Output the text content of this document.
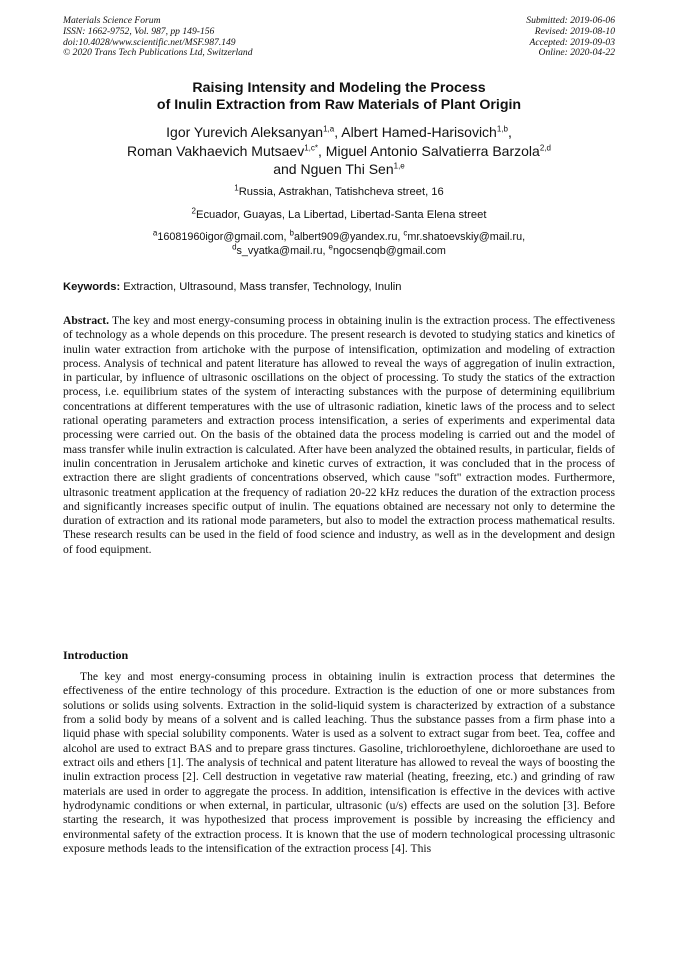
Materials Science Forum
ISSN: 1662-9752, Vol. 987, pp 149-156
doi:10.4028/www.scientific.net/MSF.987.149
© 2020 Trans Tech Publications Ltd, Switzerland
Submitted: 2019-06-06
Revised: 2019-08-10
Accepted: 2019-09-03
Online: 2020-04-22
Raising Intensity and Modeling the Process
of Inulin Extraction from Raw Materials of Plant Origin
Igor Yurevich Aleksanyan$^{1,a}$, Albert Hamed-Harisovich$^{1,b}$,
Roman Vakhaevich Mutsaev$^{1,c*}$, Miguel Antonio Salvatierra Barzola$^{2,d}$
and Nguen Thi Sen$^{1,e}$
$^1$Russia, Astrakhan, Tatishcheva street, 16
$^2$Ecuador, Guayas, La Libertad, Libertad-Santa Elena street
$^a$16081960igor@gmail.com, $^b$albert909@yandex.ru, $^c$mr.shatoevskiy@mail.ru,
$^d$s_vyatka@mail.ru, $^e$ngocsenqb@gmail.com
Keywords: Extraction, Ultrasound, Mass transfer, Technology, Inulin
Abstract. The key and most energy-consuming process in obtaining inulin is the extraction process. The effectiveness of technology as a whole depends on this procedure. The present research is devoted to studying statics and kinetics of inulin water extraction from artichoke with the purpose of intensification, optimization and modeling of extraction process. Analysis of technical and patent literature has allowed to reveal the ways of aggregation of inulin extraction, in particular, by influence of ultrasonic oscillations on the object of processing. To study the statics of the extraction process, i.e. equilibrium states of the system of interacting substances with the purpose of determining equilibrium concentrations at different temperatures with the use of ultrasonic radiation, kinetic laws of the process and to select rational operating parameters and extraction process intensification, a series of experiments and experimental data processing were carried out. On the basis of the obtained data the process modeling is carried out and the model of mass transfer while inulin extraction is calculated. After have been analyzed the obtained results, in particular, fields of inulin concentration in Jerusalem artichoke and kinetic curves of extraction, it was concluded that in the process of extraction there are slight gradients of concentrations observed, which cause "soft" extraction modes. Furthermore, ultrasonic treatment application at the frequency of radiation 20-22 kHz reduces the duration of the extraction process and significantly increases specific output of inulin. The equations obtained are necessary not only to determine the duration of extraction and its rational mode parameters, but also to model the extraction process mathematical results. These research results can be used in the field of food science and industry, as well as in the development and design of food equipment.
Introduction

The key and most energy-consuming process in obtaining inulin is extraction process that determines the effectiveness of the entire technology of this procedure. Extraction is the eduction of one or more substances from solutions or solids using solvents. Extraction in the solid-liquid system is characterized by extraction of a substance from a solid body by means of a solvent and is called leaching. Thus the substance passes from a firm phase into a liquid phase with special solubility components. Water is used as a solvent to extract sugar from beet. Tea, coffee and alcohol are used to extract BAS and to prepare grass tinctures. Gasoline, trichloroethylene, dichloroethane are used to extract oils and ethers [1]. The analysis of technical and patent literature has allowed to reveal the ways of boosting the inulin extraction process [2]. Cell destruction in vegetative raw material (heating, freezing, etc.) and grinding of raw materials are used in order to aggregate the process. In addition, intensification is effective in the devices with active hydrodynamic conditions or when external, in particular, ultrasonic (u/s) effects are used on the solution [3]. Before starting the research, it was hypothesized that process improvement is possible by increasing the efficiency and environmental safety of the extraction process. It is known that the use of modern technological processing ultrasonic exposure methods leads to the intensification of the extraction process [4]. This
